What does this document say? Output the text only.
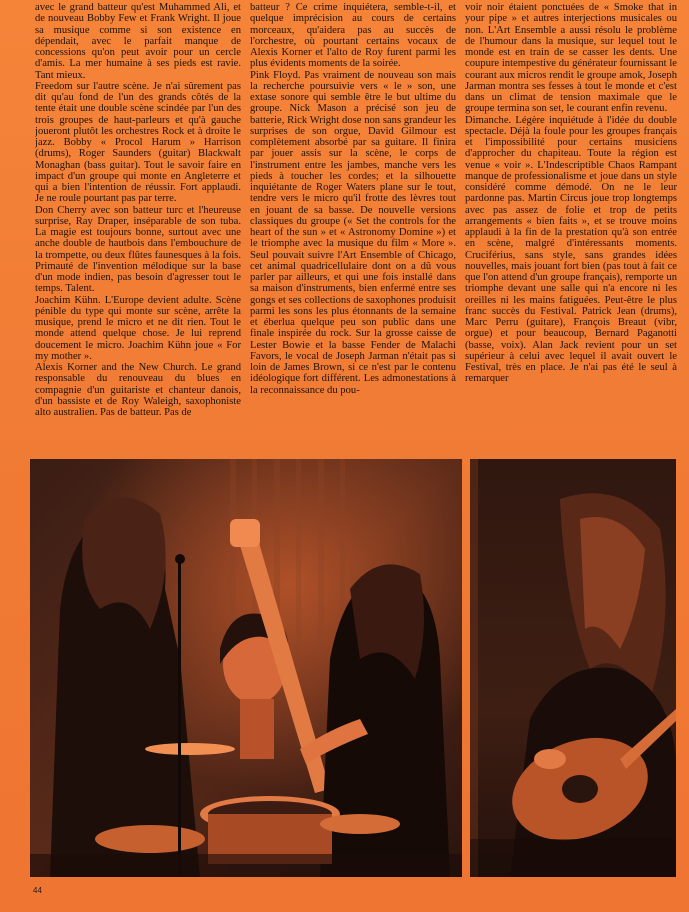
avec le grand batteur qu'est Muhammed Ali, et de nouveau Bobby Few et Frank Wright. Il joue sa musique comme si son existence en dépendait, avec le parfait manque de concessions qu'on peut avoir pour un cercle d'amis. La mer humaine à ses pieds est ravie. Tant mieux.

Freedom sur l'autre scène. Je n'ai sûrement pas dit qu'au fond de l'un des grands côtés de la tente était une double scène scindée par l'un des trois groupes de haut-parleurs et qu'à gauche joueront plutôt les orchestres Rock et à droite le jazz. Bobby « Procol Harum » Harrison (drums), Roger Saunders (guitar) Blackwalt Monaghan (bass guitar). Tout le savoir faire en impact d'un groupe qui monte en Angleterre et qui a bien l'intention de réussir. Fort applaudi. Je ne roule pourtant pas par terre.

Don Cherry avec son batteur turc et l'heureuse surprise, Ray Draper, inséparable de son tuba. La magie est toujours bonne, surtout avec une anche double de hautbois dans l'embouchure de la trompette, ou deux flûtes faunesques à la fois. Primauté de l'invention mélodique sur la base d'un mode indien, pas besoin d'agresser tout le temps. Talent.

Joachim Kühn. L'Europe devient adulte. Scène pénible du type qui monte sur scène, arrête la musique, prend le micro et ne dit rien. Tout le monde attend quelque chose. Je lui reprend doucement le micro. Joachim Kühn joue « For my mother ».

Alexis Korner and the New Church. Le grand responsable du renouveau du blues en compagnie d'un guitariste et chanteur danois, d'un bassiste et de Roy Waleigh, saxophoniste alto australien. Pas de batteur. Pas de

batteur ? Ce crime inquiétera, semble-t-il, et quelque imprécision au cours de certains morceaux, qu'aidera pas au succès de l'orchestre, où pourtant certains vocaux de Alexis Korner et l'alto de Roy furent parmi les plus évidents moments de la soirée.

Pink Floyd. Pas vraiment de nouveau son mais la recherche poursuivie vers « le » son, une extase sonore qui semble être le but ultime du groupe. Nick Mason a précisé son jeu de batterie, Rick Wright dose non sans grandeur les surprises de son orgue, David Gilmour est complètement absorbé par sa guitare. Il finira par jouer assis sur la scène, le corps de l'instrument entre les jambes, manche vers les pieds à toucher les cordes; et la silhouette inquiétante de Roger Waters plane sur le tout, tendre vers le micro qu'il frotte des lèvres tout en jouant de sa basse. De nouvelle versions classiques du groupe (« Set the controls for the heart of the sun » et « Astronomy Domine ») et le triomphe avec la musique du film « More ». Seul pouvait suivre l'Art Ensemble of Chicago, cet animal quadricellulaire dont on a dû vous parler par ailleurs, et qui une fois installé dans sa maison d'instruments, bien enfermé entre ses gongs et ses collections de saxophones produisit parmi les sons les plus étonnants de la semaine et éberlua quelque peu son public dans une finale inspirée du rock. Sur la grosse caisse de Lester Bowie et la basse Fender de Malachi Favors, le vocal de Joseph Jarman n'était pas si loin de James Brown, si ce n'est par le contenu idéologique fort différent. Les admonestations à la reconnaissance du pou-

voir noir étaient ponctuées de « Smoke that in your pipe » et autres interjections musicales ou non. L'Art Ensemble a aussi résolu le problème de l'humour dans la musique, sur lequel tout le monde est en train de se casser les dents. Une coupure intempestive du générateur fournissant le courant aux micros rendit le groupe amok, Joseph Jarman montra ses fesses à tout le monde et c'est dans un climat de tension maximale que le groupe termina son set, le courant enfin revenu.

Dimanche. Légère inquiétude à l'idée du double spectacle. Déjà la foule pour les groupes français et l'impossibilité pour certains musiciens d'approcher du chapiteau. Toute la région est venue « voir ». L'Indescriptible Chaos Rampant manque de professionalisme et joue dans un style considéré comme démodé. On ne le leur pardonne pas. Martin Circus joue trop longtemps avec pas assez de folie et trop de petits arrangements « bien faits », et se trouve moins applaudi à la fin de la prestation qu'à son entrée en scène, malgré d'intéressants moments. Cruciférius, sans style, sans grandes idées nouvelles, mais jouant fort bien (pas tout à fait ce que l'on attend d'un groupe français), remporte un triomphe devant une salle qui n'a encore ni les oreilles ni les mains fatiguées. Peut-être le plus franc succès du Festival. Patrick Jean (drums), Marc Perru (guitare), François Breaut (vibr, orgue) et pour beaucoup, Bernard Paganotti (basse, voix). Alan Jack revient pour un set supérieur à celui avec lequel il avait ouvert le Festival, très en place. Je n'ai pas été le seul à remarquer

44
